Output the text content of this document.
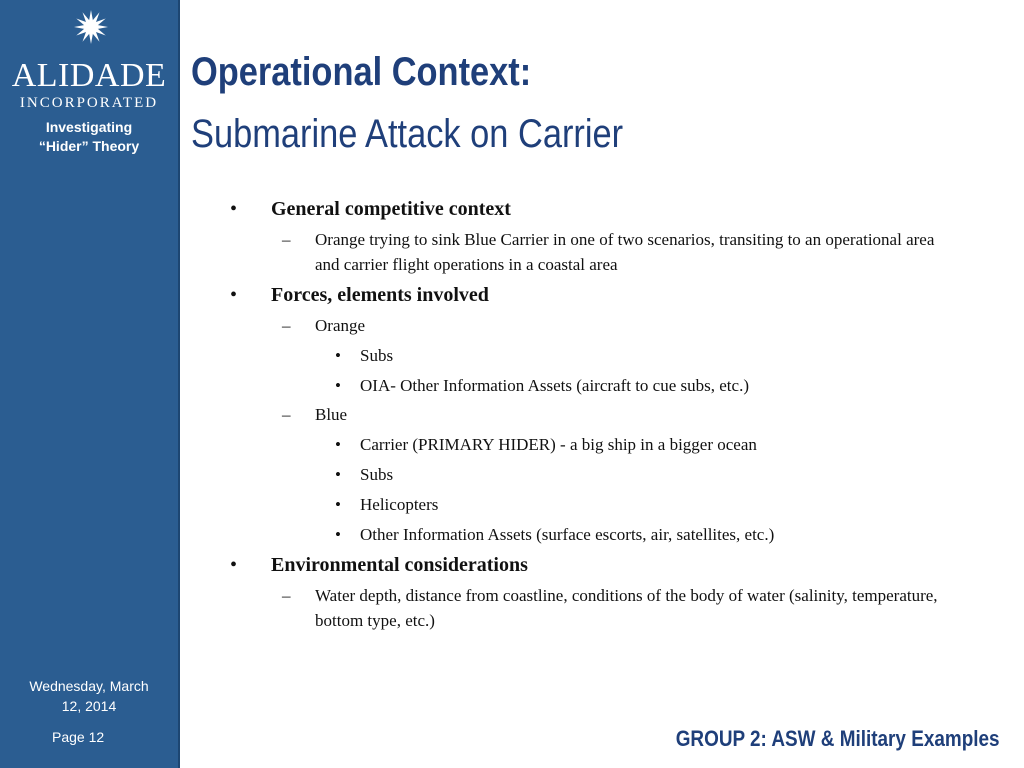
ALIDADE
INCORPORATED
Investigating
“Hider” Theory
Wednesday, March
12, 2014
Page 12
Operational Context:
Submarine Attack on Carrier
• General competitive context
– Orange trying to sink Blue Carrier in one of two scenarios, transiting to an operational area and carrier flight operations in a coastal area
• Forces, elements involved
– Orange
• Subs
• OIA- Other Information Assets (aircraft to cue subs, etc.)
– Blue
• Carrier (PRIMARY HIDER) - a big ship in a bigger ocean
• Subs
• Helicopters
• Other Information Assets (surface escorts, air, satellites, etc.)
• Environmental considerations
– Water depth, distance from coastline, conditions of the body of water (salinity, temperature, bottom type, etc.)
GROUP 2: ASW & Military Examples
